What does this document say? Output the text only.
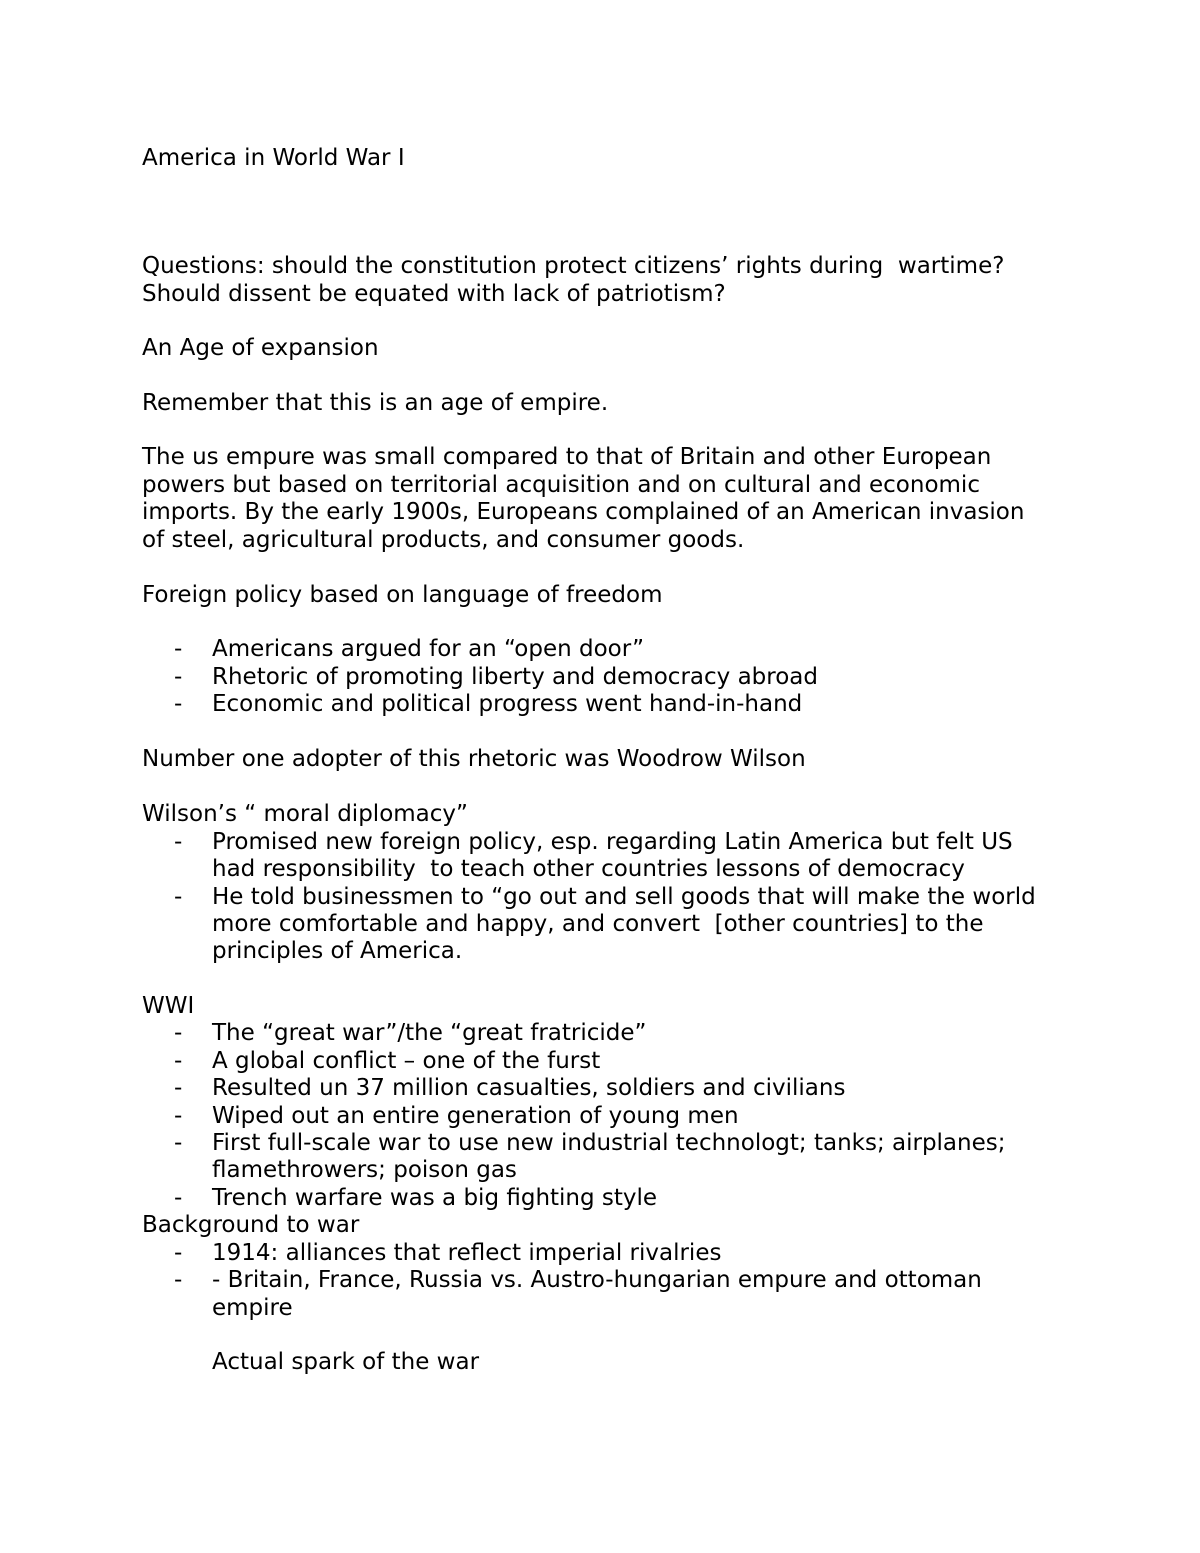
America in World War I
Questions: should the constitution protect citizens’ rights during  wartime?
Should dissent be equated with lack of patriotism?
An Age of expansion
Remember that this is an age of empire.
The us empure was small compared to that of Britain and other European
powers but based on territorial acquisition and on cultural and economic
imports. By the early 1900s, Europeans complained of an American invasion
of steel, agricultural products, and consumer goods.
Foreign policy based on language of freedom
- Americans argued for an “open door”
- Rhetoric of promoting liberty and democracy abroad
- Economic and political progress went hand-in-hand
Number one adopter of this rhetoric was Woodrow Wilson
Wilson’s “ moral diplomacy”
- Promised new foreign policy, esp. regarding Latin America but felt US
had responsibility  to teach other countries lessons of democracy
- He told businessmen to “go out and sell goods that will make the world
more comfortable and happy, and convert  [other countries] to the
principles of America.
WWI
- The “great war”/the “great fratricide”
- A global conflict – one of the furst
- Resulted un 37 million casualties, soldiers and civilians
- Wiped out an entire generation of young men
- First full-scale war to use new industrial technologt; tanks; airplanes;
flamethrowers; poison gas
- Trench warfare was a big fighting style
Background to war
- 1914: alliances that reflect imperial rivalries
- - Britain, France, Russia vs. Austro-hungarian empure and ottoman
empire
Actual spark of the war
